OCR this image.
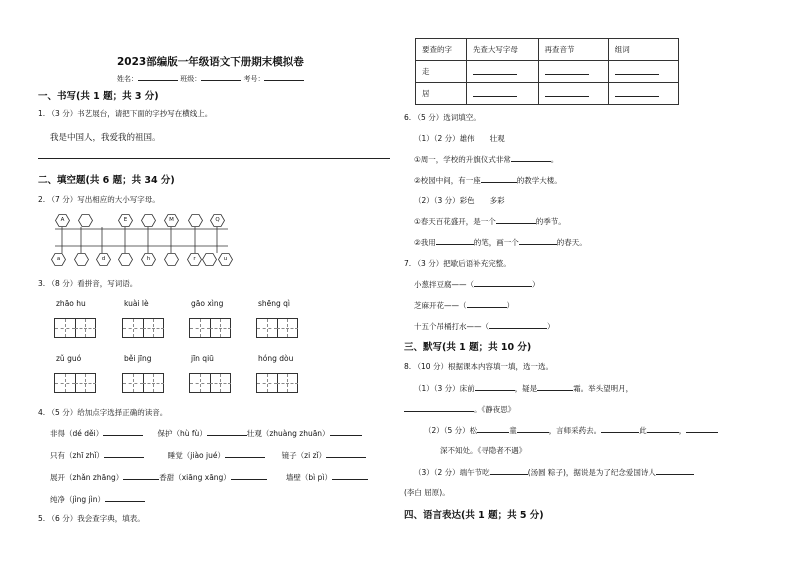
2023部编版一年级语文下册期末模拟卷
姓名：	班级：	考号：
一、书写(共 1 题；共 3 分)
1. （3 分）书艺展台，请把下面的字抄写在横线上。
我是中国人，我爱我的祖国。
二、填空题(共 6 题；共 34 分)
2. （7 分）写出相应的大小写字母。
A	E	M	Q
a	d	h	r	u
3. （8 分）看拼音，写词语。
zhāo hu	kuài lè	gāo xìng	shēng qì
zǔ guó	běi jīng	jīn qiū	hóng dòu
4. （5 分）给加点字选择正确的读音。
非得（dé děi）	保护（hù fù）	壮观（zhuàng zhuān）
只有（zhī zhǐ）	睡觉（jiào jué）	镜子（zi zǐ）
展开（zhǎn zhāng）	香甜（xiāng xāng）	墙壁（bì pì）
纯净（jìng jìn）
5. （6 分）我会查字典，填表。
要查的字	先查大写字母	再查音节	组词
走			
居			
6. （5 分）选词填空。
（1）（2 分）雄伟　　壮观
①周一，学校的升旗仪式非常	。
②校园中间，有一座	的教学大楼。
（2）（3 分）彩色　　多彩
①春天百花盛开，是一个	的季节。
②我用	的笔，画一个	的春天。
7. （3 分）把歇后语补充完整。
小葱拌豆腐——（	）
芝麻开花——（	）
十五个吊桶打水——（	）
三、默写(共 1 题；共 10 分)
8. （10 分）根据课本内容填一填，选一选。
（1）（3 分）床前	，疑是	霜。举头望明月，
。《静夜思》
（2）（5 分）松	童	，言师采药去。	此	，
深不知处。《寻隐者不遇》
（3）（2 分）端午节吃	(汤圆 粽子)，据说是为了纪念爱国诗人
(李白 屈原)。
四、语言表达(共 1 题；共 5 分)
